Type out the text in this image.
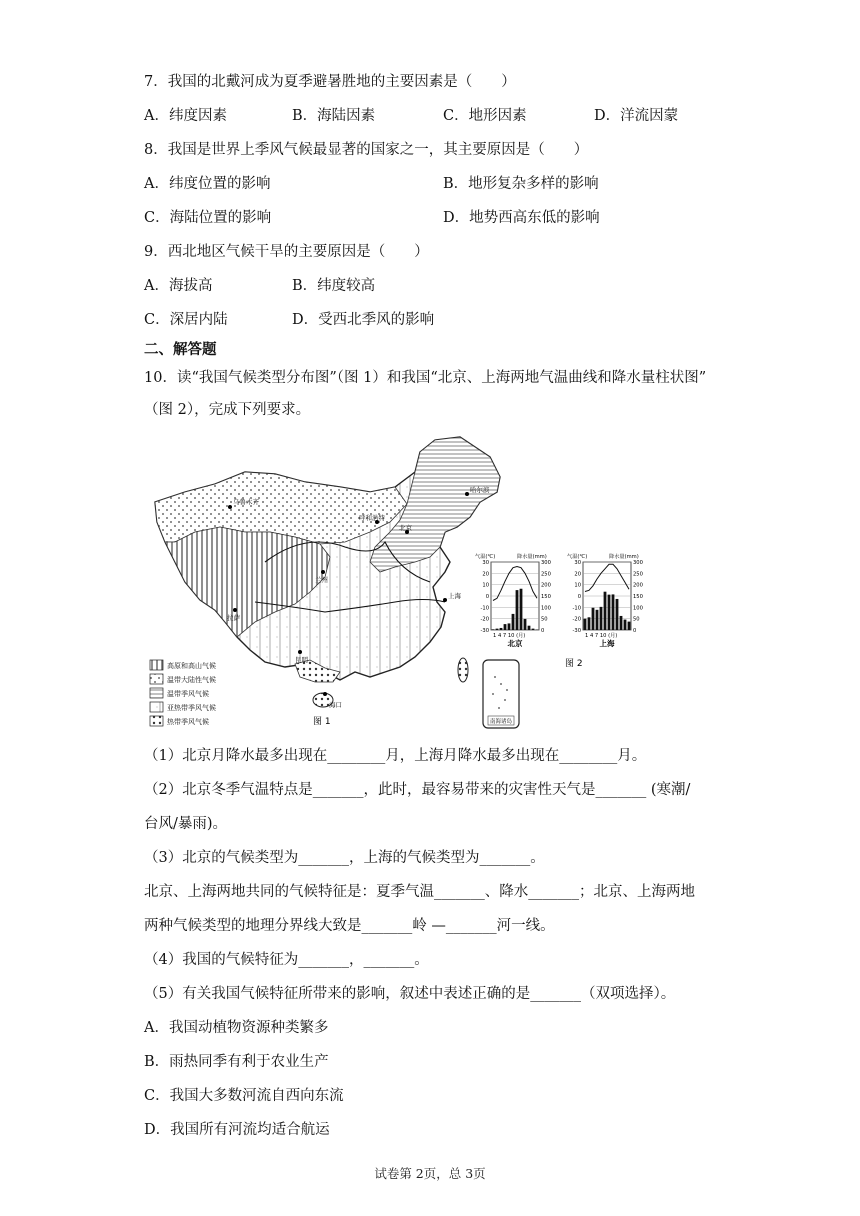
7．我国的北戴河成为夏季避暑胜地的主要因素是（　　）
A．纬度因素	B．海陆因素	C．地形因素	D．洋流因蒙
8．我国是世界上季风气候最显著的国家之一，其主要原因是（　　）
A．纬度位置的影响	B．地形复杂多样的影响
C．海陆位置的影响	D．地势西高东低的影响
9．西北地区气候干旱的主要原因是（　　）
A．海拔高	B．纬度较高
C．深居内陆	D．受西北季风的影响
二、解答题
10．读“我国气候类型分布图”（图 1）和我国“北京、上海两地气温曲线和降水量柱状图”
（图 2），完成下列要求。
乌鲁木齐
哈尔滨
呼和浩特
北京
兰州
拉萨
上海
昆明
海口
南海诸岛
高原和高山气候
温带大陆性气候
温带季风气候
亚热带季风气候
热带季风气候	图 1
气温(℃)	降水量(mm)
30	300
20	250
10	200
0	150
-10	100
-20	50
-30	0
1 4 7 10 (月)
北京
气温(℃)	降水量(mm)
30	300
20	250
10	200
0	150
-10	100
-20	50
-30	0
1 4 7 10 (月)
上海
图 2
（1）北京月降水最多出现在________月，上海月降水最多出现在________月。
（2）北京冬季气温特点是_______，此时，最容易带来的灾害性天气是_______ (寒潮/
台风/暴雨)。
（3）北京的气候类型为_______，上海的气候类型为_______。
北京、上海两地共同的气候特征是：夏季气温_______、降水_______；北京、上海两地
两种气候类型的地理分界线大致是_______岭 —_______河一线。
（4）我国的气候特征为_______，_______。
（5）有关我国气候特征所带来的影响，叙述中表述正确的是_______（双项选择）。
A．我国动植物资源种类繁多
B．雨热同季有利于农业生产
C．我国大多数河流自西向东流
D．我国所有河流均适合航运
试卷第 2页，总 3页
